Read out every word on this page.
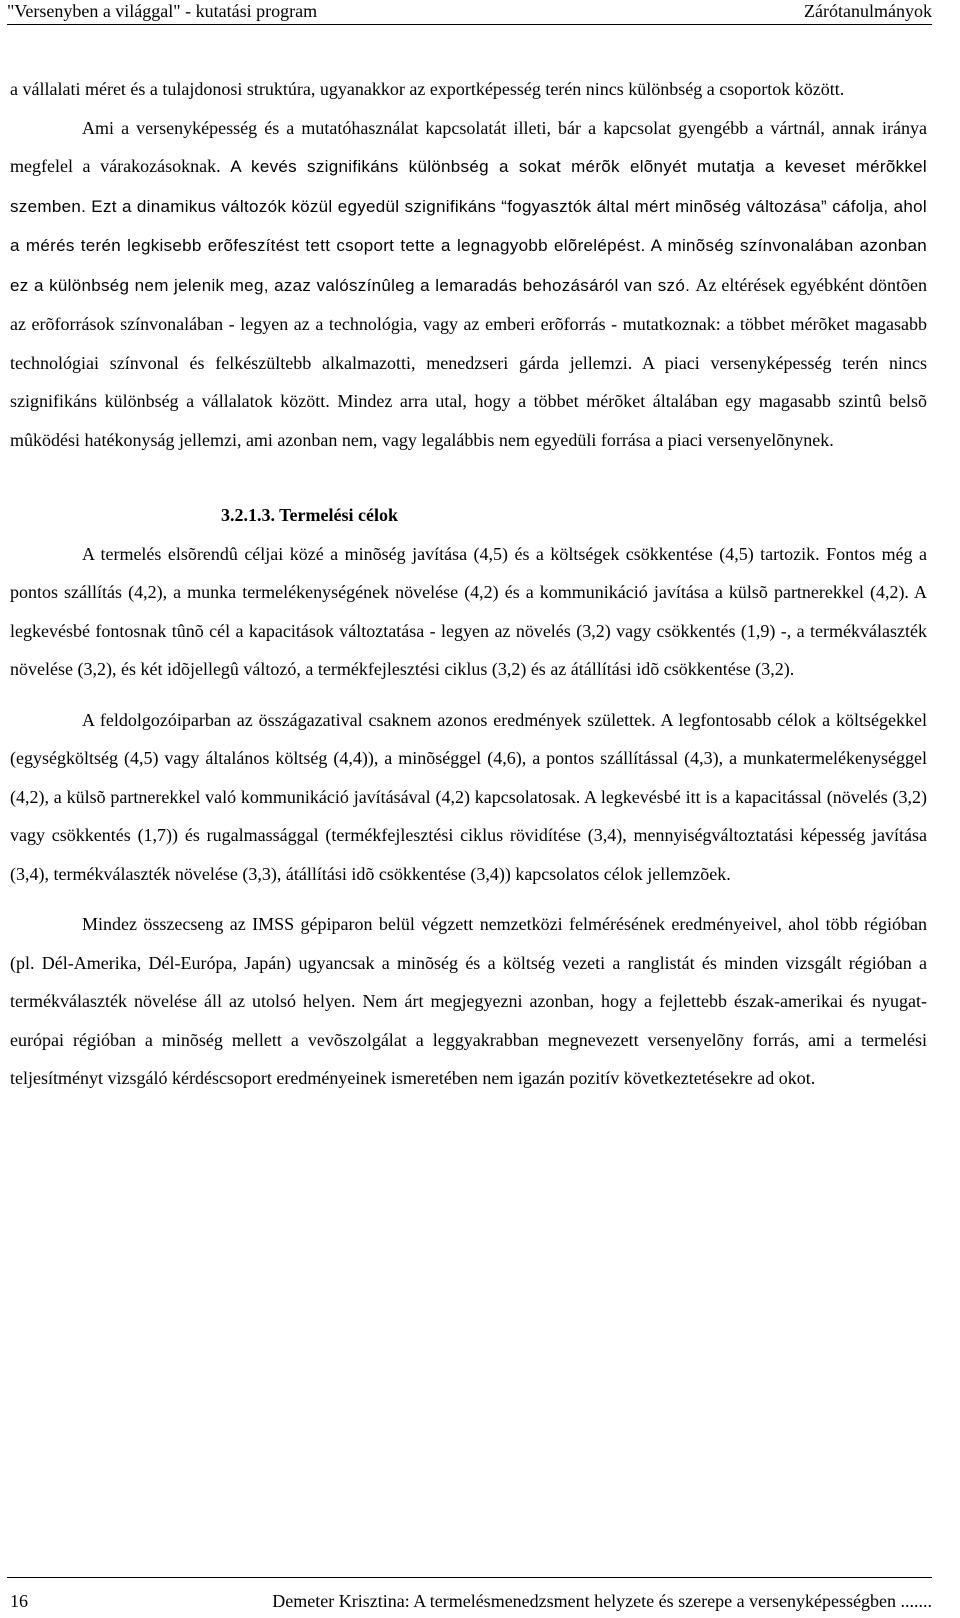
"Versenyben a világgal" - kutatási program	Zárótanulmányok

a vállalati méret és a tulajdonosi struktúra, ugyanakkor az exportképesség terén nincs különbség a csoportok között.

Ami a versenyképesség és a mutatóhasználat kapcsolatát illeti, bár a kapcsolat gyengébb a vártnál, annak iránya megfelel a várakozásoknak. A kevés szignifikáns különbség a sokat mérõk elõnyét mutatja a keveset mérõkkel szemben. Ezt a dinamikus változók közül egyedül szignifikáns “fogyasztók által mért minõség változása” cáfolja, ahol a mérés terén legkisebb erõfeszítést tett csoport tette a legnagyobb elõrelépést. A minõség színvonalában azonban ez a különbség nem jelenik meg, azaz valószínûleg a lemaradás behozásáról van szó. Az eltérések egyébként döntõen az erõforrások színvonalában - legyen az a technológia, vagy az emberi erõforrás - mutatkoznak: a többet mérõket magasabb technológiai színvonal és felkészültebb alkalmazotti, menedzseri gárda jellemzi. A piaci versenyképesség terén nincs szignifikáns különbség a vállalatok között. Mindez arra utal, hogy a többet mérõket általában egy magasabb szintû belsõ mûködési hatékonyság jellemzi, ami azonban nem, vagy legalábbis nem egyedüli forrása a piaci versenyelõnynek.

3.2.1.3. Termelési célok

A termelés elsõrendû céljai közé a minõség javítása (4,5) és a költségek csökkentése (4,5) tartozik. Fontos még a pontos szállítás (4,2), a munka termelékenységének növelése (4,2) és a kommunikáció javítása a külsõ partnerekkel (4,2). A legkevésbé fontosnak tûnõ cél a kapacitások változtatása - legyen az növelés (3,2) vagy csökkentés (1,9) -, a termékválaszték növelése (3,2), és két idõjellegû változó, a termékfejlesztési ciklus (3,2) és az átállítási idõ csökkentése (3,2).

A feldolgozóiparban az összágazatival csaknem azonos eredmények születtek. A legfontosabb célok a költségekkel (egységköltség (4,5) vagy általános költség (4,4)), a minõséggel (4,6), a pontos szállítással (4,3), a munkatermelékenységgel (4,2), a külsõ partnerekkel való kommunikáció javításával (4,2) kapcsolatosak. A legkevésbé itt is a kapacitással (növelés (3,2) vagy csökkentés (1,7)) és rugalmassággal (termékfejlesztési ciklus rövidítése (3,4), mennyiségváltoztatási képesség javítása (3,4), termékválaszték növelése (3,3), átállítási idõ csökkentése (3,4)) kapcsolatos célok jellemzõek.

Mindez összecseng az IMSS gépiparon belül végzett nemzetközi felmérésének eredményeivel, ahol több régióban (pl. Dél-Amerika, Dél-Európa, Japán) ugyancsak a minõség és a költség vezeti a ranglistát és minden vizsgált régióban a termékválaszték növelése áll az utolsó helyen. Nem árt megjegyezni azonban, hogy a fejlettebb észak-amerikai és nyugat-európai régióban a minõség mellett a vevõszolgálat a leggyakrabban megnevezett versenyelõny forrás, ami a termelési teljesítményt vizsgáló kérdéscsoport eredményeinek ismeretében nem igazán pozitív következtetésekre ad okot.

16	Demeter Krisztina: A termelésmenedzsment helyzete és szerepe a versenyképességben .......
